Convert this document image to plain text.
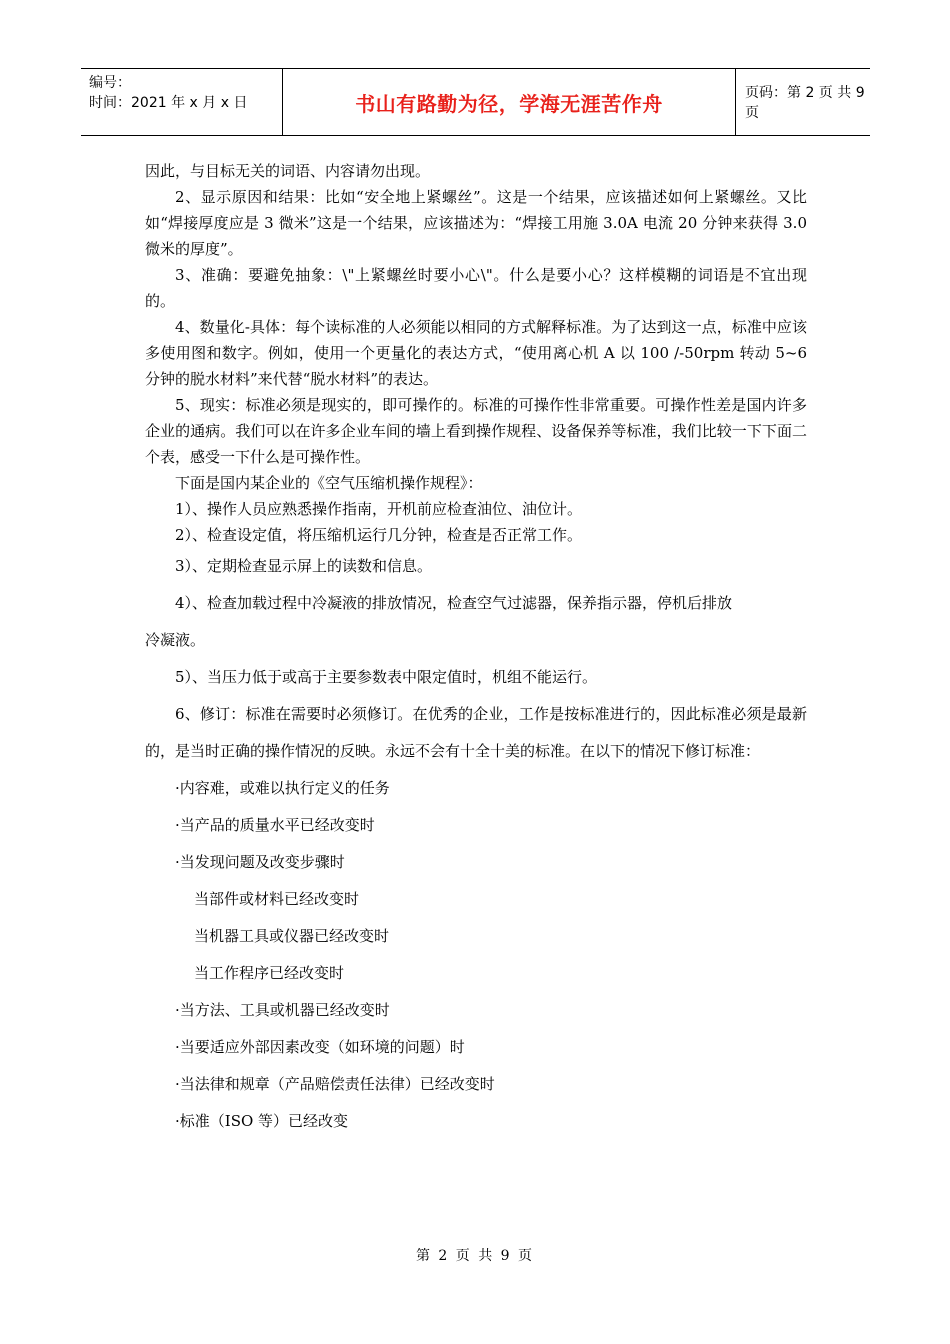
编号：
时间：2021 年 x 月 x 日	书山有路勤为径，学海无涯苦作舟	页码：第 2 页 共 9 页

因此，与目标无关的词语、内容请勿出现。

2、显示原因和结果：比如“安全地上紧螺丝”。这是一个结果，应该描述如何上紧螺丝。又比如“焊接厚度应是 3 微米”这是一个结果，应该描述为：“焊接工用施 3.0A 电流 20 分钟来获得 3.0 微米的厚度”。

3、准确：要避免抽象：\"上紧螺丝时要小心\"。什么是要小心？这样模糊的词语是不宜出现的。

4、数量化-具体：每个读标准的人必须能以相同的方式解释标准。为了达到这一点，标准中应该多使用图和数字。例如，使用一个更量化的表达方式，“使用离心机 A 以 100 /-50rpm 转动 5~6 分钟的脱水材料”来代替“脱水材料”的表达。

5、现实：标准必须是现实的，即可操作的。标准的可操作性非常重要。可操作性差是国内许多企业的通病。我们可以在许多企业车间的墙上看到操作规程、设备保养等标准，我们比较一下下面二个表，感受一下什么是可操作性。

下面是国内某企业的《空气压缩机操作规程》：

1）、操作人员应熟悉操作指南，开机前应检查油位、油位计。

2）、检查设定值，将压缩机运行几分钟，检查是否正常工作。

3）、定期检查显示屏上的读数和信息。

4）、检查加载过程中冷凝液的排放情况，检查空气过滤器，保养指示器，停机后排放

冷凝液。

5）、当压力低于或高于主要参数表中限定值时，机组不能运行。

6、修订：标准在需要时必须修订。在优秀的企业，工作是按标准进行的，因此标准必须是最新的，是当时正确的操作情况的反映。永远不会有十全十美的标准。在以下的情况下修订标准：

·内容难，或难以执行定义的任务
·当产品的质量水平已经改变时
·当发现问题及改变步骤时
当部件或材料已经改变时
当机器工具或仪器已经改变时
当工作程序已经改变时
·当方法、工具或机器已经改变时
·当要适应外部因素改变（如环境的问题）时
·当法律和规章（产品赔偿责任法律）已经改变时
·标准（ISO 等）已经改变
第 2 页 共 9 页
